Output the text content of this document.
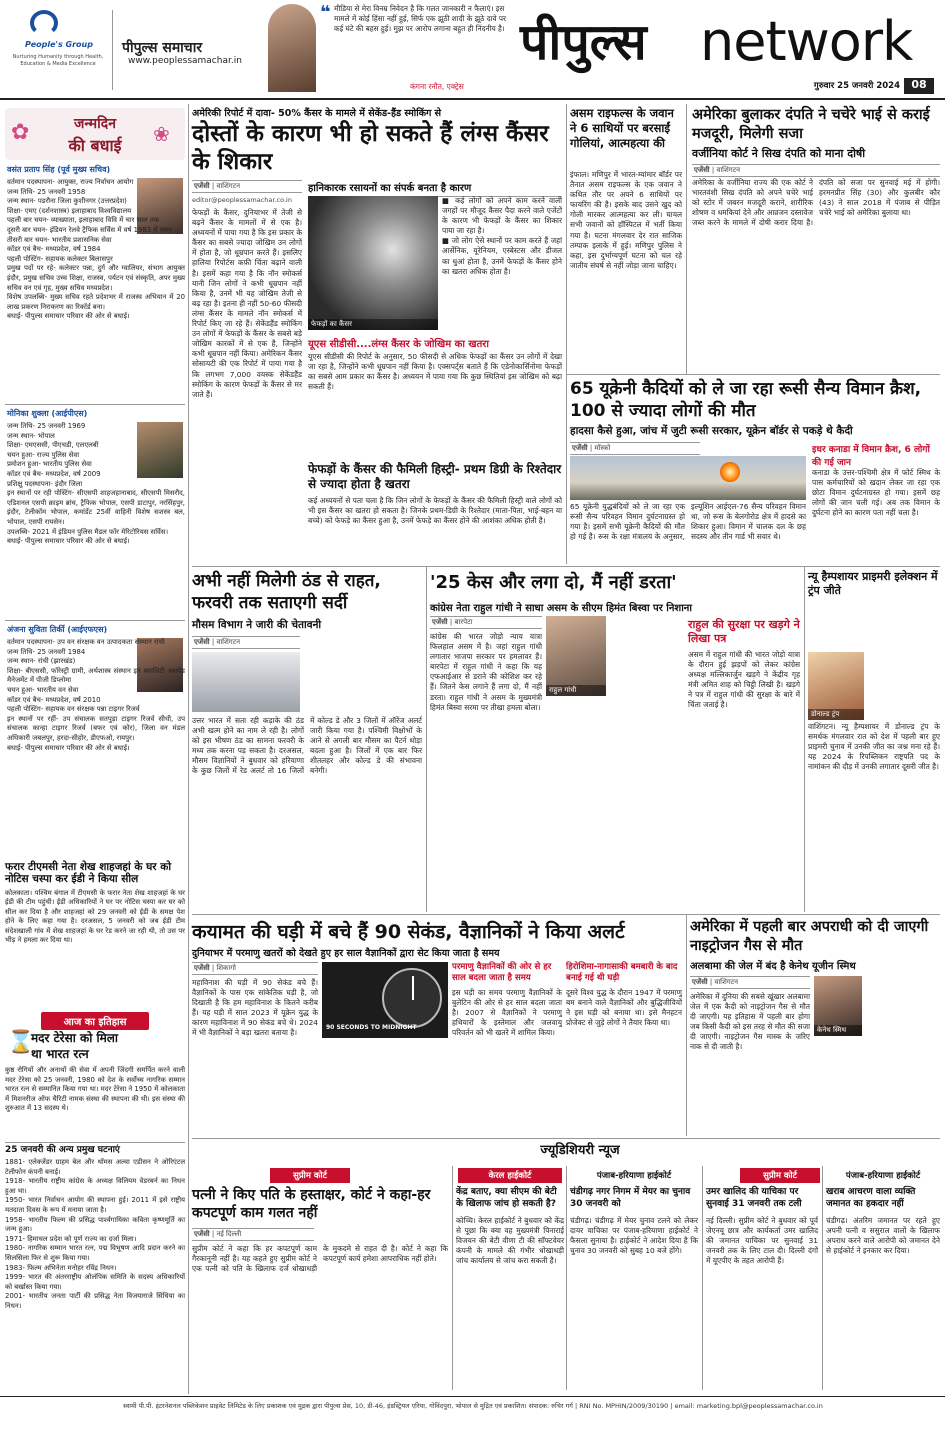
People's Group
Nurturing Humanity through Health, Education & Media Excellence
पीपुल्स समाचार
www.peoplessamachar.in
❝ मीडिया से मेरा विनम्र निवेदन है कि गलत जानकारी न फैलाएं। इस मामले में कोई हिंसा नहीं हुई, सिर्फ एक झूठी शादी के झूठे दावे पर कई घंटे की बहस हुई। मुझ पर आरोप लगाना बहुत ही निंदनीय है।
कंगना रनौत, एक्ट्रेस
पीपुल्स network
गुरुवार 25 जनवरी 2024	08
✿	जन्मदिन
की बधाई	❀
वसंत प्रताप सिंह (पूर्व मुख्य सचिव)
वर्तमान पदस्थापना- आयुक्त, राज्य निर्वाचन आयोग
जन्म तिथि- 25 जनवरी 1958
जन्म स्थान- पडरौना जिला कुशीनगर (उत्तरप्रदेश)
शिक्षा- एमए (दर्शनशास्त्र) इलाहाबाद विश्वविद्यालय
पहली बार चयन- व्याख्याता, इलाहाबाद विवि में चार साल तक
दूसरी बार चयन- इंडियन रेलवे ट्रैफिक सर्विस में वर्ष 1983 में चयन
तीसरी बार चयन- भारतीय प्रशासनिक सेवा
कॉडर एवं बैच- मध्यप्रदेश, वर्ष 1984
पहली पोस्टिंग- सहायक कलेक्टर बिलासपुर
प्रमुख पदों पर रहे- कलेक्टर पन्ना, दुर्ग और ग्वालियर, संभाग आयुक्त इंदौर, प्रमुख सचिव उच्च शिक्षा, राजस्व, पर्यटन एवं संस्कृति, अपर मुख्य सचिव वन एवं गृह, मुख्य सचिव मध्यप्रदेश।
विशेष उपलब्धि- मुख्य सचिव रहते प्रदेशभर में राजस्व अभियान में 20 लाख प्रकरण निराकरण का रिकॉर्ड बना।
बधाई- पीपुल्स समाचार परिवार की ओर से बधाई।
मोनिका शुक्ला (आईपीएस)
जन्म तिथि- 25 जनवरी 1969
जन्म स्थान- भोपाल
शिक्षा- एमएससी, पीएचडी, एलएलबी
चयन हुआ- राज्य पुलिस सेवा
प्रमोशन हुआ- भारतीय पुलिस सेवा
कॉडर एवं बैच- मध्यप्रदेश, वर्ष 2009
प्रशिक्षु पदस्थापना- इंदौर जिला
इन स्थानों पर रही पोस्टिंग- सीएसपी शाहजहानाबाद, सीएसपी मिसरौद, एडिशनल एसपी क्राइम ब्रांच, ट्रैफिक भोपाल, एसपी डाटापुर, नरसिंहपुर, इंदौर, टेलीकॉम भोपाल, कमांडेंट 25वीं वाहिनी विशेष सशस्त्र बल, भोपाल, एसपी रायसेन।
उपलब्धि- 2021 में इंडियन पुलिस मैडल फॉर मेरिटोरियस सर्विस।
बधाई- पीपुल्स समाचार परिवार की ओर से बधाई।
अंजना सुविता तिर्की (आईएफएस)
वर्तमान पदस्थापना- उप वन संरक्षक वन उत्पादकता संस्थान रांची
जन्म तिथि- 25 जनवरी 1984
जन्म स्थान- रांची (झारखंड)
शिक्षा- बीएससी, फॉरेस्ट्री ग्रामी, अर्थशास्त्र संस्थान इन क्वालिटी अशयेड मैनेजमेंट में पीजी डिप्लोमा
चयन हुआ- भारतीय वन सेवा
कॉडर एवं बैच- मध्यप्रदेश, वर्ष 2010
पहली पोस्टिंग- सहायक वन संरक्षक पन्ना टाइगर रिजर्व
इन स्थानों पर रहीं- उप संचालक सतपुड़ा टाइगर रिजर्व सीधी, उप संचालक कान्हा टाइगर रिजर्व (बफर एवं कोर), जिला वन मंडल अधिकारी जबलपुर, हरदा-सीहोर, डीएफओ, रायपुर।
बधाई- पीपुल्स समाचार परिवार की ओर से बधाई।
फरार टीएमसी नेता शेख शाहजहां के घर को नोटिस चस्पा कर ईडी ने किया सील
कोलकाता। पश्चिम बंगाल में टीएमसी के फरार नेता शेख शाहजहां के घर ईडी की टीम पहुंची। ईडी अधिकारियों ने घर पर नोटिस चस्पा कर घर को सील कर दिया है और शाहजहां को 29 जनवरी को ईडी के समक्ष पेश होने के लिए कहा गया है। दरअसल, 5 जनवरी को जब ईडी टीम संदेशखाली गांव में शेख शाहजहां के घर रेड करने जा रही थी, तो उस पर भीड़ ने हमला कर दिया था।
आज का इतिहास
⌛
मदर टेरेसा को मिला
था भारत रत्न
कुष्ठ रोगियों और अनाथों की सेवा में अपनी जिंदगी समर्पित करने वाली मदर टेरेसा को 25 जनवरी, 1980 को देश के सर्वोच्च नागरिक सम्मान भारत रत्न से सम्मानित किया गया था। मदर टेरेसा ने 1950 में कोलकाता में मिशनरीज ऑफ चैरिटी नामक संस्था की स्थापना की थी। इस संस्था की शुरुआत में 13 सदस्य थे।
25 जनवरी की अन्य प्रमुख घटनाएं
1881- एलेक्जेंडर ग्राहम बेल और थॉमस अल्वा एडीसन ने ओरिएंटल टेलीफोन कंपनी बनाई।
1918- भारतीय राष्ट्रीय कांग्रेस के अध्यक्ष विलियम वेडरबर्न का निधन हुआ था।
1950- भारत निर्वाचन आयोग की स्थापना हुई। 2011 में इसे राष्ट्रीय मतदाता दिवस के रूप में मनाया जाता है।
1958- भारतीय फिल्म की प्रसिद्ध पार्श्वगायिका कविता कृष्णमूर्ति का जन्म हुआ।
1971- हिमाचल प्रदेश को पूर्ण राज्य का दर्जा मिला।
1980- नागरिक सम्मान भारत रत्न, पद्म विभूषण आदि प्रदान करने का सिलसिला फिर से शुरू किया गया।
1983- फिल्म अभिनेता मनोहर रविंद्र निधन।
1999- भारत की अंतरराष्ट्रीय ओलंपिक समिति के सदस्य अधिकारियों को बर्खास्त किया गया।
2001- भारतीय जनता पार्टी की प्रसिद्ध नेता विजयाराजे सिंधिया का निधन।
अमेरिकी रिपोर्ट में दावा- 50% कैंसर के मामले में सेकेंड-हैंड स्मोकिंग से
दोस्तों के कारण भी हो सकते हैं लंग्स कैंसर के शिकार
एजेंसी | वाशिंगटन
editor@peoplessamachar.co.in
फेफड़ों के कैंसर, दुनियाभर में तेजी से बढ़ने कैंसर के मामलों में से एक है। अध्ययनों में पाया गया है कि इस प्रकार के कैंसर का सबसे ज्यादा जोखिम उन लोगों में होता है, जो धूम्रपान करते हैं। इसलिए हालिया रिपोर्टस कफ़ी चिंता बढ़ाने वाली है। इसमें कहा गया है कि नॉन स्मोकर्स यानी जिन लोगों ने कभी धूम्रपान नहीं किया है, उनमें भी यह जोखिम तेजी से बढ़ रहा है। इतना ही नहीं 50-60 फीसदी लंग्स कैंसर के मामले नॉन स्मोकर्स में रिपोर्ट किए जा रहे हैं। सेकेंडहैंड स्मोकिंग उन लोगों में फेफड़ों के कैंसर के सबसे बड़े जोखिम कारकों में से एक है, जिन्होंने कभी धूम्रपान नहीं किया। अमेरिकन कैंसर सोसायटी की एक रिपोर्ट में पाया गया है कि लगभग 7,000 वयस्क सेकेंडहैंड स्मोकिंग के कारण फेफड़ों के कैंसर से मर जाते हैं।
हानिकारक रसायनों का संपर्क बनता है कारण
फेफड़ों का कैंसर
■ कई लोगों को अपने काम करने वाली जगहों पर मौजूद कैंसर पैदा करने वाले एजेंटों के कारण भी फेफड़ों के कैंसर का शिकार पाया जा रहा है।
■ जो लोग ऐसे स्थानों पर काम करते हैं जहां आर्सेनिक, यूरेनियम, एस्बेस्टस और डीजल का धुआं होता है, उनमें फेफड़ों के कैंसर होने का खतरा अधिक होता है।
यूएस सीडीसी....लंग्स कैंसर के जोखिम का खतरा
यूएस सीडीसी की रिपोर्ट के अनुसार, 50 फीसदी से अधिक फेफड़ों का कैंसर उन लोगों में देखा जा रहा है, जिन्होंने कभी धूम्रपान नहीं किया है। एक्सपर्ट्स बताते हैं कि एडेनोकार्सिनोमा फेफड़ों का सबसे आम प्रकार का कैंसर है। अध्ययन में पाया गया कि कुछ स्थितियां इस जोखिम को बढ़ा सकती हैं।
फेफड़ों के कैंसर की फैमिली हिस्ट्री- प्रथम डिग्री के रिश्तेदार से ज्यादा होता है खतरा
कई अध्ययनों से पता चला है कि जिन लोगों के फेफड़ों के कैंसर की फैमिली हिस्ट्री वाले लोगों को भी इस कैंसर का खतरा हो सकता है। जिनके प्रथम-डिग्री के रिश्तेदार (माता-पिता, भाई-बहन या बच्चे) को फेफड़े का कैंसर हुआ है, उनमें फेफड़े का कैंसर होने की आशंका अधिक होती है।
असम राइफल्स के जवान ने 6 साथियों पर बरसाईं गोलियां, आत्महत्या की
इंफाल। मणिपुर में भारत-म्यांमार बॉर्डर पर तैनात असम राइफल्स के एक जवान ने कथित तौर पर अपने 6 साथियों पर फायरिंग की है। इसके बाद उसने खुद को गोली मारकर आत्महत्या कर ली। घायल सभी जवानों को हॉस्पिटल में भर्ती किया गया है। घटना मंगलवार देर रात साजिक तम्पाक इलाके में हुई। मणिपुर पुलिस ने कहा, इस दुर्भाग्यपूर्ण घटना को चल रहे जातीय संघर्ष से नहीं जोड़ा जाना चाहिए।
अमेरिका बुलाकर दंपति ने चचेरे भाई से कराई मजदूरी, मिलेगी सजा
वर्जीनिया कोर्ट ने सिख दंपति को माना दोषी
एजेंसी | वाशिंगटन
अमेरिका के वर्जीनिया राज्य की एक कोर्ट ने भारतवंशी सिख दंपति को अपने चचेरे भाई को स्टोर में जबरन मजदूरी कराने, शारीरिक शोषण व धमकियां देने और आव्रजन दस्तावेज जब्त करने के मामले में दोषी करार दिया है। दंपति को सजा पर सुनवाई मई में होगी। हरमनप्रीत सिंह (30) और कुलबीर कौर (43) ने साल 2018 में पंजाब से पीड़ित चचेरे भाई को अमेरिका बुलाया था।
65 यूक्रेनी कैदियों को ले जा रहा रूसी सैन्य विमान क्रैश, 100 से ज्यादा लोगों की मौत
हादसा कैसे हुआ, जांच में जुटी रूसी सरकार, यूक्रेन बॉर्डर से पकड़े थे कैदी
एजेंसी | मॉस्को
65 यूक्रेनी युद्धबंदियों को ले जा रहा एक रूसी सैन्य परिवहन विमान दुर्घटनाग्रस्त हो गया है। इसमें सभी यूक्रेनी कैदियों की मौत हो गई है। रूस के रक्षा मंत्रालय के अनुसार, इल्यूशिन आईएल-76 सैन्य परिवहन विमान था, जो रूस के बेलगोरोड क्षेत्र में हादसे का शिकार हुआ। विमान में चालक दल के छह सदस्य और तीन गार्ड भी सवार थे।
इधर कनाडा में विमान क्रैश, 6 लोगों की गई जान
कनाडा के उत्तर-पश्चिमी क्षेत्र में फोर्ट स्मिथ के पास कर्मचारियों को खदान लेकर जा रहा एक छोटा विमान दुर्घटनाग्रस्त हो गया। इसमें छह लोगों की जान चली गई। अब तक विमान के दुर्घटना होने का कारण पता नहीं चला है।
अभी नहीं मिलेगी ठंड से राहत, फरवरी तक सताएगी सर्दी
मौसम विभाग ने जारी की चेतावनी
एजेंसी | वाशिंगटन
उत्तर भारत में सता रही कड़ाके की ठंड अभी खत्म होने का नाम ले रही है। लोगों को इस भीषण ठंड का सामना फरवरी के मध्य तक करना पड़ सकता है। दरअसल, मौसम विज्ञानियों ने बुधवार को हरियाणा के कुछ जिलों में रेड अलर्ट तो 16 जिलों में कोल्ड डे और 3 जिलों में ऑरेंज अलर्ट जारी किया गया है। पश्चिमी विक्षोभों के आने से अगली बार मौसम का पैटर्न थोड़ा बदला हुआ है। जिलों में एक बार फिर शीतलहर और कोल्ड डे की संभावना बनेगी।
'25 केस और लगा दो, मैं नहीं डरता'
कांग्रेस नेता राहुल गांधी ने साधा असम के सीएम हिमंत बिस्वा पर निशाना
एजेंसी | बारपेटा
कांग्रेस की भारत जोड़ो न्याय यात्रा फिलहाल असम में है। जहां राहुल गांधी लगातार भाजपा सरकार पर हमलावर हैं। बारपेटा में राहुल गांधी ने कहा कि यह एफआईआर से डराने की कोशिश कर रहे हैं। जितने केस लगाने हैं लगा दो, मैं नहीं डरता। राहुल गांधी ने असम के मुख्यमंत्री हिमंत बिस्वा सरमा पर तीखा हमला बोला।
राहुल गांधी
राहुल की सुरक्षा पर खड़गे ने लिखा पत्र
असम में राहुल गांधी की भारत जोड़ो यात्रा के दौरान हुई झड़पों को लेकर कांग्रेस अध्यक्ष मल्लिकार्जुन खड़गे ने केंद्रीय गृह मंत्री अमित शाह को चिट्ठी लिखी है। खड़गे ने पत्र में राहुल गांधी की सुरक्षा के बारे में चिंता जताई है।
न्यू हैम्पशायर प्राइमरी इलेक्शन में ट्रंप जीते
डोनाल्ड ट्रंप
वाशिंगटन। न्यू हैम्पशायर में डोनाल्ड ट्रंप के समर्थक मंगलवार रात को देश में पहली बार हुए प्राइमरी चुनाव में उनकी जीत का जश्न मना रहे हैं। यह 2024 के रिपब्लिकन राष्ट्रपति पद के नामांकन की दौड़ में उनकी लगातार दूसरी जीत है।
कयामत की घड़ी में बचे हैं 90 सेकंड, वैज्ञानिकों ने किया अलर्ट
दुनियाभर में परमाणु खतरों को देखते हुए हर साल वैज्ञानिकों द्वारा सेट किया जाता है समय
एजेंसी | शिकागो
महाविनाश की घड़ी में 90 सेकंड बचे हैं। वैज्ञानिकों के पास एक सांकेतिक घड़ी है, जो दिखाती है कि हम महाविनाश के कितने करीब हैं। यह घड़ी में साल 2023 में यूक्रेन युद्ध के कारण महाविनाश में 90 सेकंड बचे थे। 2024 में भी वैज्ञानिकों ने बड़ा खतरा बताया है।
90 SECONDS TO MIDNIGHT
परमाणु वैज्ञानिकों की ओर से हर साल बदला जाता है समय
इस घड़ी का समय परमाणु वैज्ञानिकों के बुलेटिन की ओर से हर साल बदला जाता है। 2007 से वैज्ञानिकों ने परमाणु हथियारों के इस्तेमाल और जलवायु परिवर्तन को भी खतरे में शामिल किया।
हिरोशिमा-नागासाकी बमबारी के बाद बनाई गई थी घड़ी
दूसरे विश्व युद्ध के दौरान 1947 में परमाणु बम बनाने वाले वैज्ञानिकों और बुद्धिजीवियों ने इस घड़ी को बनाया था। इसे मैनहटन प्रोजेक्ट से जुड़े लोगों ने तैयार किया था।
अमेरिका में पहली बार अपराधी को दी जाएगी नाइट्रोजन गैस से मौत
अलबामा की जेल में बंद है केनेथ यूजीन स्मिथ
एजेंसी | वाशिंगटन
अमेरिका में दुनिया की सबसे खूंखार अलबामा जेल में एक कैदी को नाइट्रोजन गैस से मौत दी जाएगी। यह इतिहास में पहली बार होगा जब किसी कैदी को इस तरह से मौत की सजा दी जाएगी। नाइट्रोजन गैस मास्क के जरिए नाक से दी जाती है।
केनेथ स्मिथ
ज्यूडिशियरी न्यूज
सुप्रीम कोर्ट
पत्नी ने किए पति के हस्ताक्षर, कोर्ट ने कहा-हर कपटपूर्ण काम गलत नहीं
एजेंसी | नई दिल्ली
सुप्रीम कोर्ट ने कहा कि हर कपटपूर्ण काम गैरकानूनी नहीं है। यह कहते हुए सुप्रीम कोर्ट ने एक पत्नी को पति के खिलाफ दर्ज धोखाधड़ी के मुकदमे से राहत दी है। कोर्ट ने कहा कि कपटपूर्ण कार्य हमेशा आपराधिक नहीं होते।
केरल हाईकोर्ट
केंद्र बताए, क्या सीएम की बेटी के खिलाफ जांच हो सकती है?
कोच्चि। केरल हाईकोर्ट ने बुधवार को केंद्र से पूछा कि क्या वह मुख्यमंत्री पिनाराई विजयन की बेटी वीणा टी की सॉफ्टवेयर कंपनी के मामले की गंभीर धोखाधड़ी जांच कार्यालय से जांच करा सकती है।
पंजाब-हरियाणा हाईकोर्ट
चंडीगढ़ नगर निगम में मेयर का चुनाव 30 जनवरी को
चंडीगढ़। चंडीगढ़ में मेयर चुनाव टलने को लेकर दायर याचिका पर पंजाब-हरियाणा हाईकोर्ट ने फैसला सुनाया है। हाईकोर्ट ने आदेश दिया है कि चुनाव 30 जनवरी को सुबह 10 बजे होंगे।
सुप्रीम कोर्ट
उमर खालिद की याचिका पर सुनवाई 31 जनवरी तक टली
नई दिल्ली। सुप्रीम कोर्ट ने बुधवार को पूर्व जेएनयू छात्र और कार्यकर्ता उमर खालिद की जमानत याचिका पर सुनवाई 31 जनवरी तक के लिए टाल दी। दिल्ली दंगों में यूएपीए के तहत आरोपी हैं।
पंजाब-हरियाणा हाईकोर्ट
खराब आचरण वाला व्यक्ति जमानत का हकदार नहीं
चंडीगढ़। अंतरिम जमानत पर रहते हुए अपनी पत्नी व ससुराल वालों के खिलाफ अपराध करने वाले आरोपी को जमानत देने से हाईकोर्ट ने इनकार कर दिया।
स्वामी पी.पी. इंटरनेशनल पब्लिकेशन प्राइवेट लिमिटेड के लिए प्रकाशक एवं मुद्रक द्वारा पीपुल्स प्रेस, 10, डी-46, इंडस्ट्रियल एरिया, गोविंदपुरा, भोपाल से मुद्रित एवं प्रकाशित। संपादक: रुचिर गर्ग | RNI No. MPHIN/2009/30190 | email: marketing.bpl@peoplessamachar.co.in
